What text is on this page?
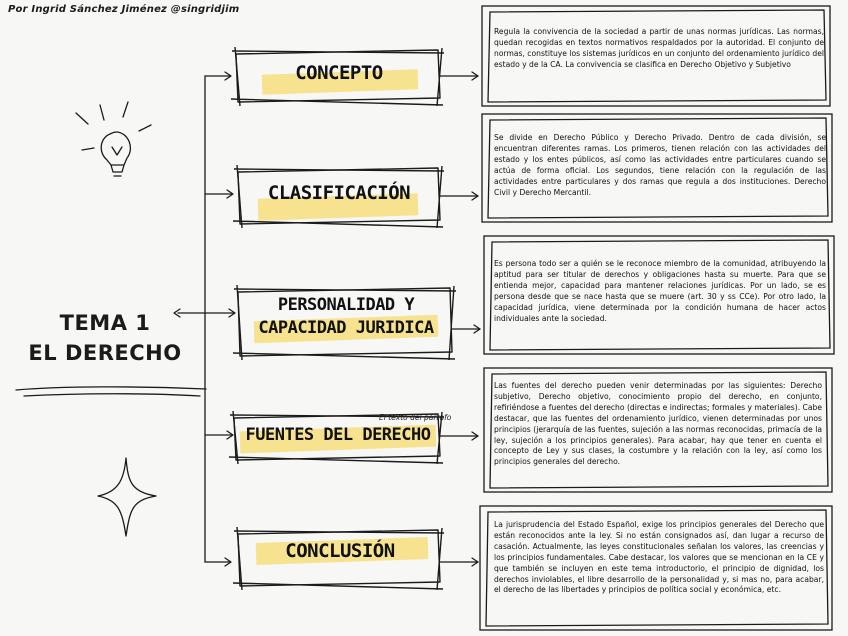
Por Ingrid Sánchez Jiménez @singridjim
TEMA 1
EL DERECHO
El texto del párrafo
CONCEPTO
CLASIFICACIÓN
PERSONALIDAD Y
CAPACIDAD JURIDICA
FUENTES DEL DERECHO
CONCLUSIÓN
Regula la convivencia de la sociedad a partir de unas normas jurídicas. Las normas, quedan recogidas en textos normativos respaldados por la autoridad. El conjunto de normas, constituye los sistemas jurídicos en un conjunto del ordenamiento jurídico del estado y de la CA. La convivencia se clasifica en Derecho Objetivo y Subjetivo
Se divide en Derecho Público y Derecho Privado. Dentro de cada división, se encuentran diferentes ramas. Los primeros, tienen relación con las actividades del estado y los entes públicos, así como las actividades entre particulares cuando se actúa de forma oficial. Los segundos, tiene relación con la regulación de las actividades entre particulares y dos ramas que regula a dos instituciones. Derecho Civil y Derecho Mercantil.
Es persona todo ser a quién se le reconoce miembro de la comunidad, atribuyendo la aptitud para ser titular de derechos y obligaciones hasta su muerte. Para que se entienda mejor, capacidad para mantener relaciones jurídicas. Por un lado, se es persona desde que se nace hasta que se muere (art. 30 y ss CCe). Por otro lado, la capacidad jurídica, viene determinada por la condición humana de hacer actos individuales ante la sociedad.
Las fuentes del derecho pueden venir determinadas por las siguientes: Derecho subjetivo, Derecho objetivo, conocimiento propio del derecho, en conjunto, refiriéndose a fuentes del derecho (directas e indirectas; formales y materiales). Cabe destacar, que las fuentes del ordenamiento jurídico, vienen determinadas por unos principios (jerarquía de las fuentes, sujeción a las normas reconocidas, primacía de la ley, sujeción a los principios generales). Para acabar, hay que tener en cuenta el concepto de Ley y sus clases, la costumbre y la relación con la ley, así como los principios generales del derecho.
La jurisprudencia del Estado Español, exige los principios generales del Derecho que están reconocidos ante la ley. Si no están consignados así, dan lugar a recurso de casación. Actualmente, las leyes constitucionales señalan los valores, las creencias y los principios fundamentales. Cabe destacar, los valores que se mencionan en la CE y que también se incluyen en este tema introductorio, el principio de dignidad, los derechos inviolables, el libre desarrollo de la personalidad y, si mas no, para acabar, el derecho de las libertades y principios de política social y económica, etc.
